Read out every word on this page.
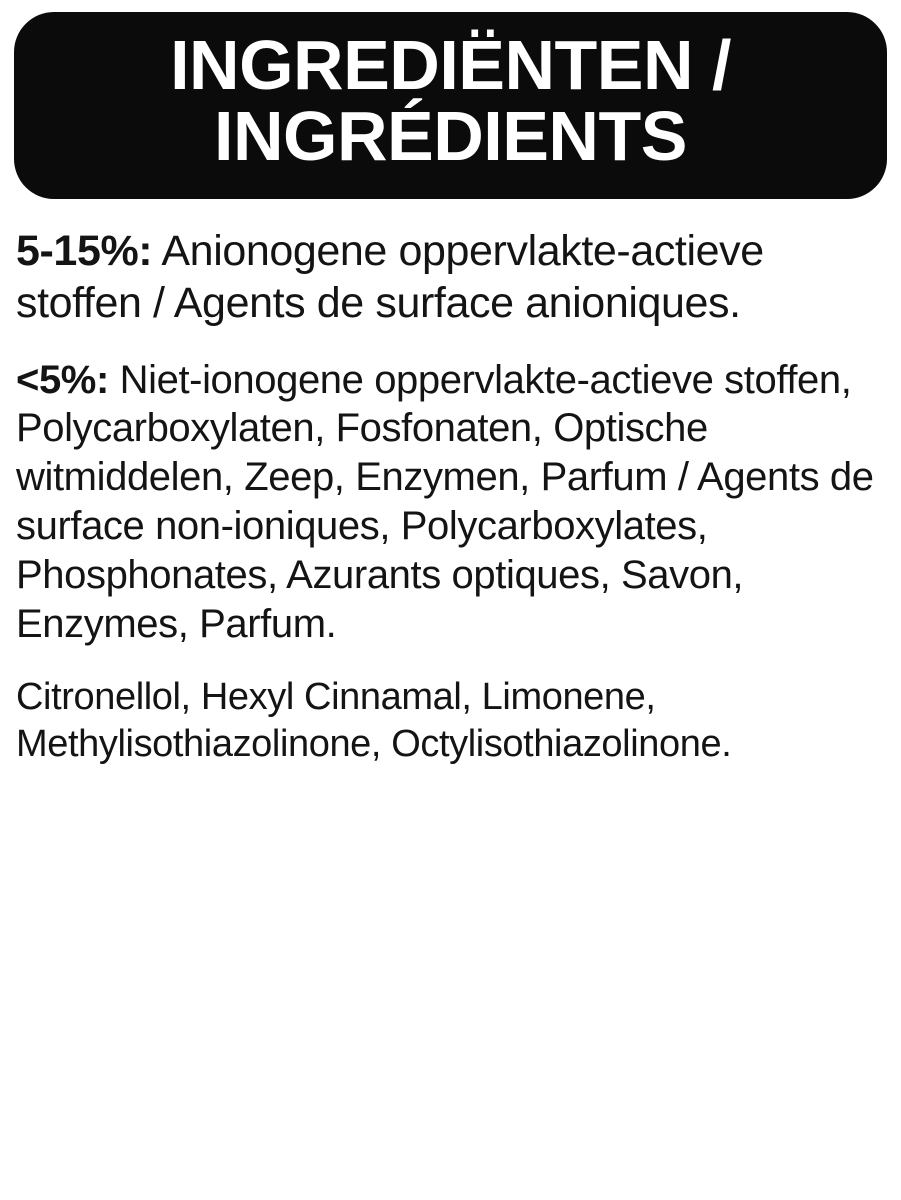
INGREDIËNTEN /
INGRÉDIENTS

5-15%: Anionogene oppervlakte-actieve stoffen / Agents de surface anioniques.

<5%: Niet-ionogene oppervlakte-actieve stoffen, Polycarboxylaten, Fosfonaten, Optische witmiddelen, Zeep, Enzymen, Parfum / Agents de surface non-ioniques, Polycarboxylates, Phosphonates, Azurants optiques, Savon, Enzymes, Parfum.

Citronellol, Hexyl Cinnamal, Limonene, Methylisothiazolinone, Octylisothiazolinone.
